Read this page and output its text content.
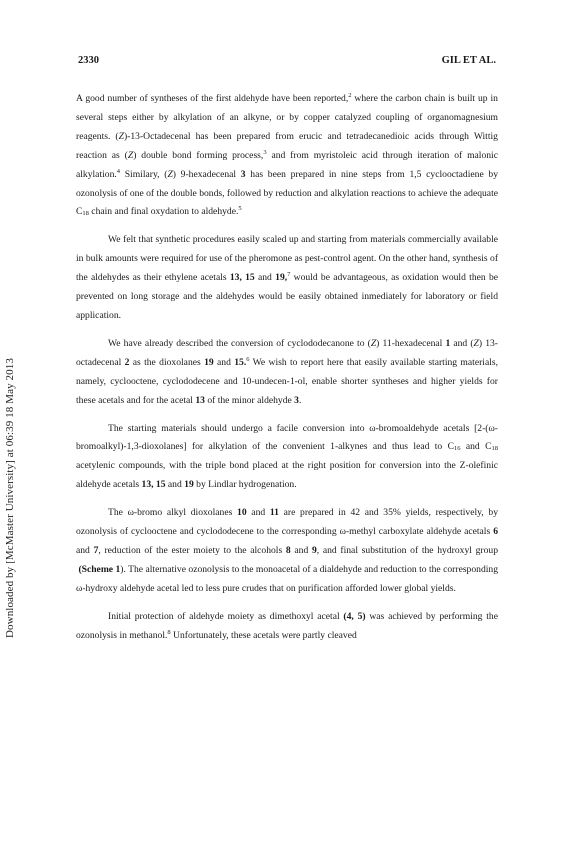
Downloaded by [McMaster University] at 06:39 18 May 2013
2330	GIL ET AL.

A good number of syntheses of the first aldehyde have been reported,$^2$ where the carbon chain is built up in several steps either by alkylation of an alkyne, or by copper catalyzed coupling of organomagnesium reagents. (Z)-13-Octadecenal has been prepared from erucic and tetradecanedioic acids through Wittig reaction as (Z) double bond forming process,$^3$ and from myristoleic acid through iteration of malonic alkylation.$^4$ Similary, (Z) 9-hexadecenal 3 has been prepared in nine steps from 1,5 cyclooctadiene by ozonolysis of one of the double bonds, followed by reduction and alkylation reactions to achieve the adequate $C_{18}$ chain and final oxydation to aldehyde.$^5$

We felt that synthetic procedures easily scaled up and starting from materials commercially available in bulk amounts were required for use of the pheromone as pest-control agent. On the other hand, synthesis of the aldehydes as their ethylene acetals 13, 15 and 19,$^7$ would be advantageous, as oxidation would then be prevented on long storage and the aldehydes would be easily obtained inmediately for laboratory or field application.

We have already described the conversion of cyclododecanone to (Z) 11-hexadecenal 1 and (Z) 13-octadecenal 2 as the dioxolanes 19 and 15.$^6$ We wish to report here that easily available starting materials, namely, cyclooctene, cyclododecene and 10-undecen-1-ol, enable shorter syntheses and higher yields for these acetals and for the acetal 13 of the minor aldehyde 3.

The starting materials should undergo a facile conversion into ω-bromoaldehyde acetals [2-(ω-bromoalkyl)-1,3-dioxolanes] for alkylation of the convenient 1-alkynes and thus lead to $C_{16}$ and $C_{18}$ acetylenic compounds, with the triple bond placed at the right position for conversion into the Z-olefinic aldehyde acetals 13, 15 and 19 by Lindlar hydrogenation.

The ω-bromo alkyl dioxolanes 10 and 11 are prepared in 42 and 35% yields, respectively, by ozonolysis of cyclooctene and cyclododecene to the corresponding ω-methyl carboxylate aldehyde acetals 6 and 7, reduction of the ester moiety to the alcohols 8 and 9, and final substitution of the hydroxyl group  (Scheme 1). The alternative ozonolysis to the monoacetal of a dialdehyde and reduction to the corresponding ω-hydroxy aldehyde acetal led to less pure crudes that on purification afforded lower global yields.

Initial protection of aldehyde moiety as dimethoxyl acetal (4, 5) was achieved by performing the ozonolysis in methanol.$^8$ Unfortunately, these acetals were partly cleaved
